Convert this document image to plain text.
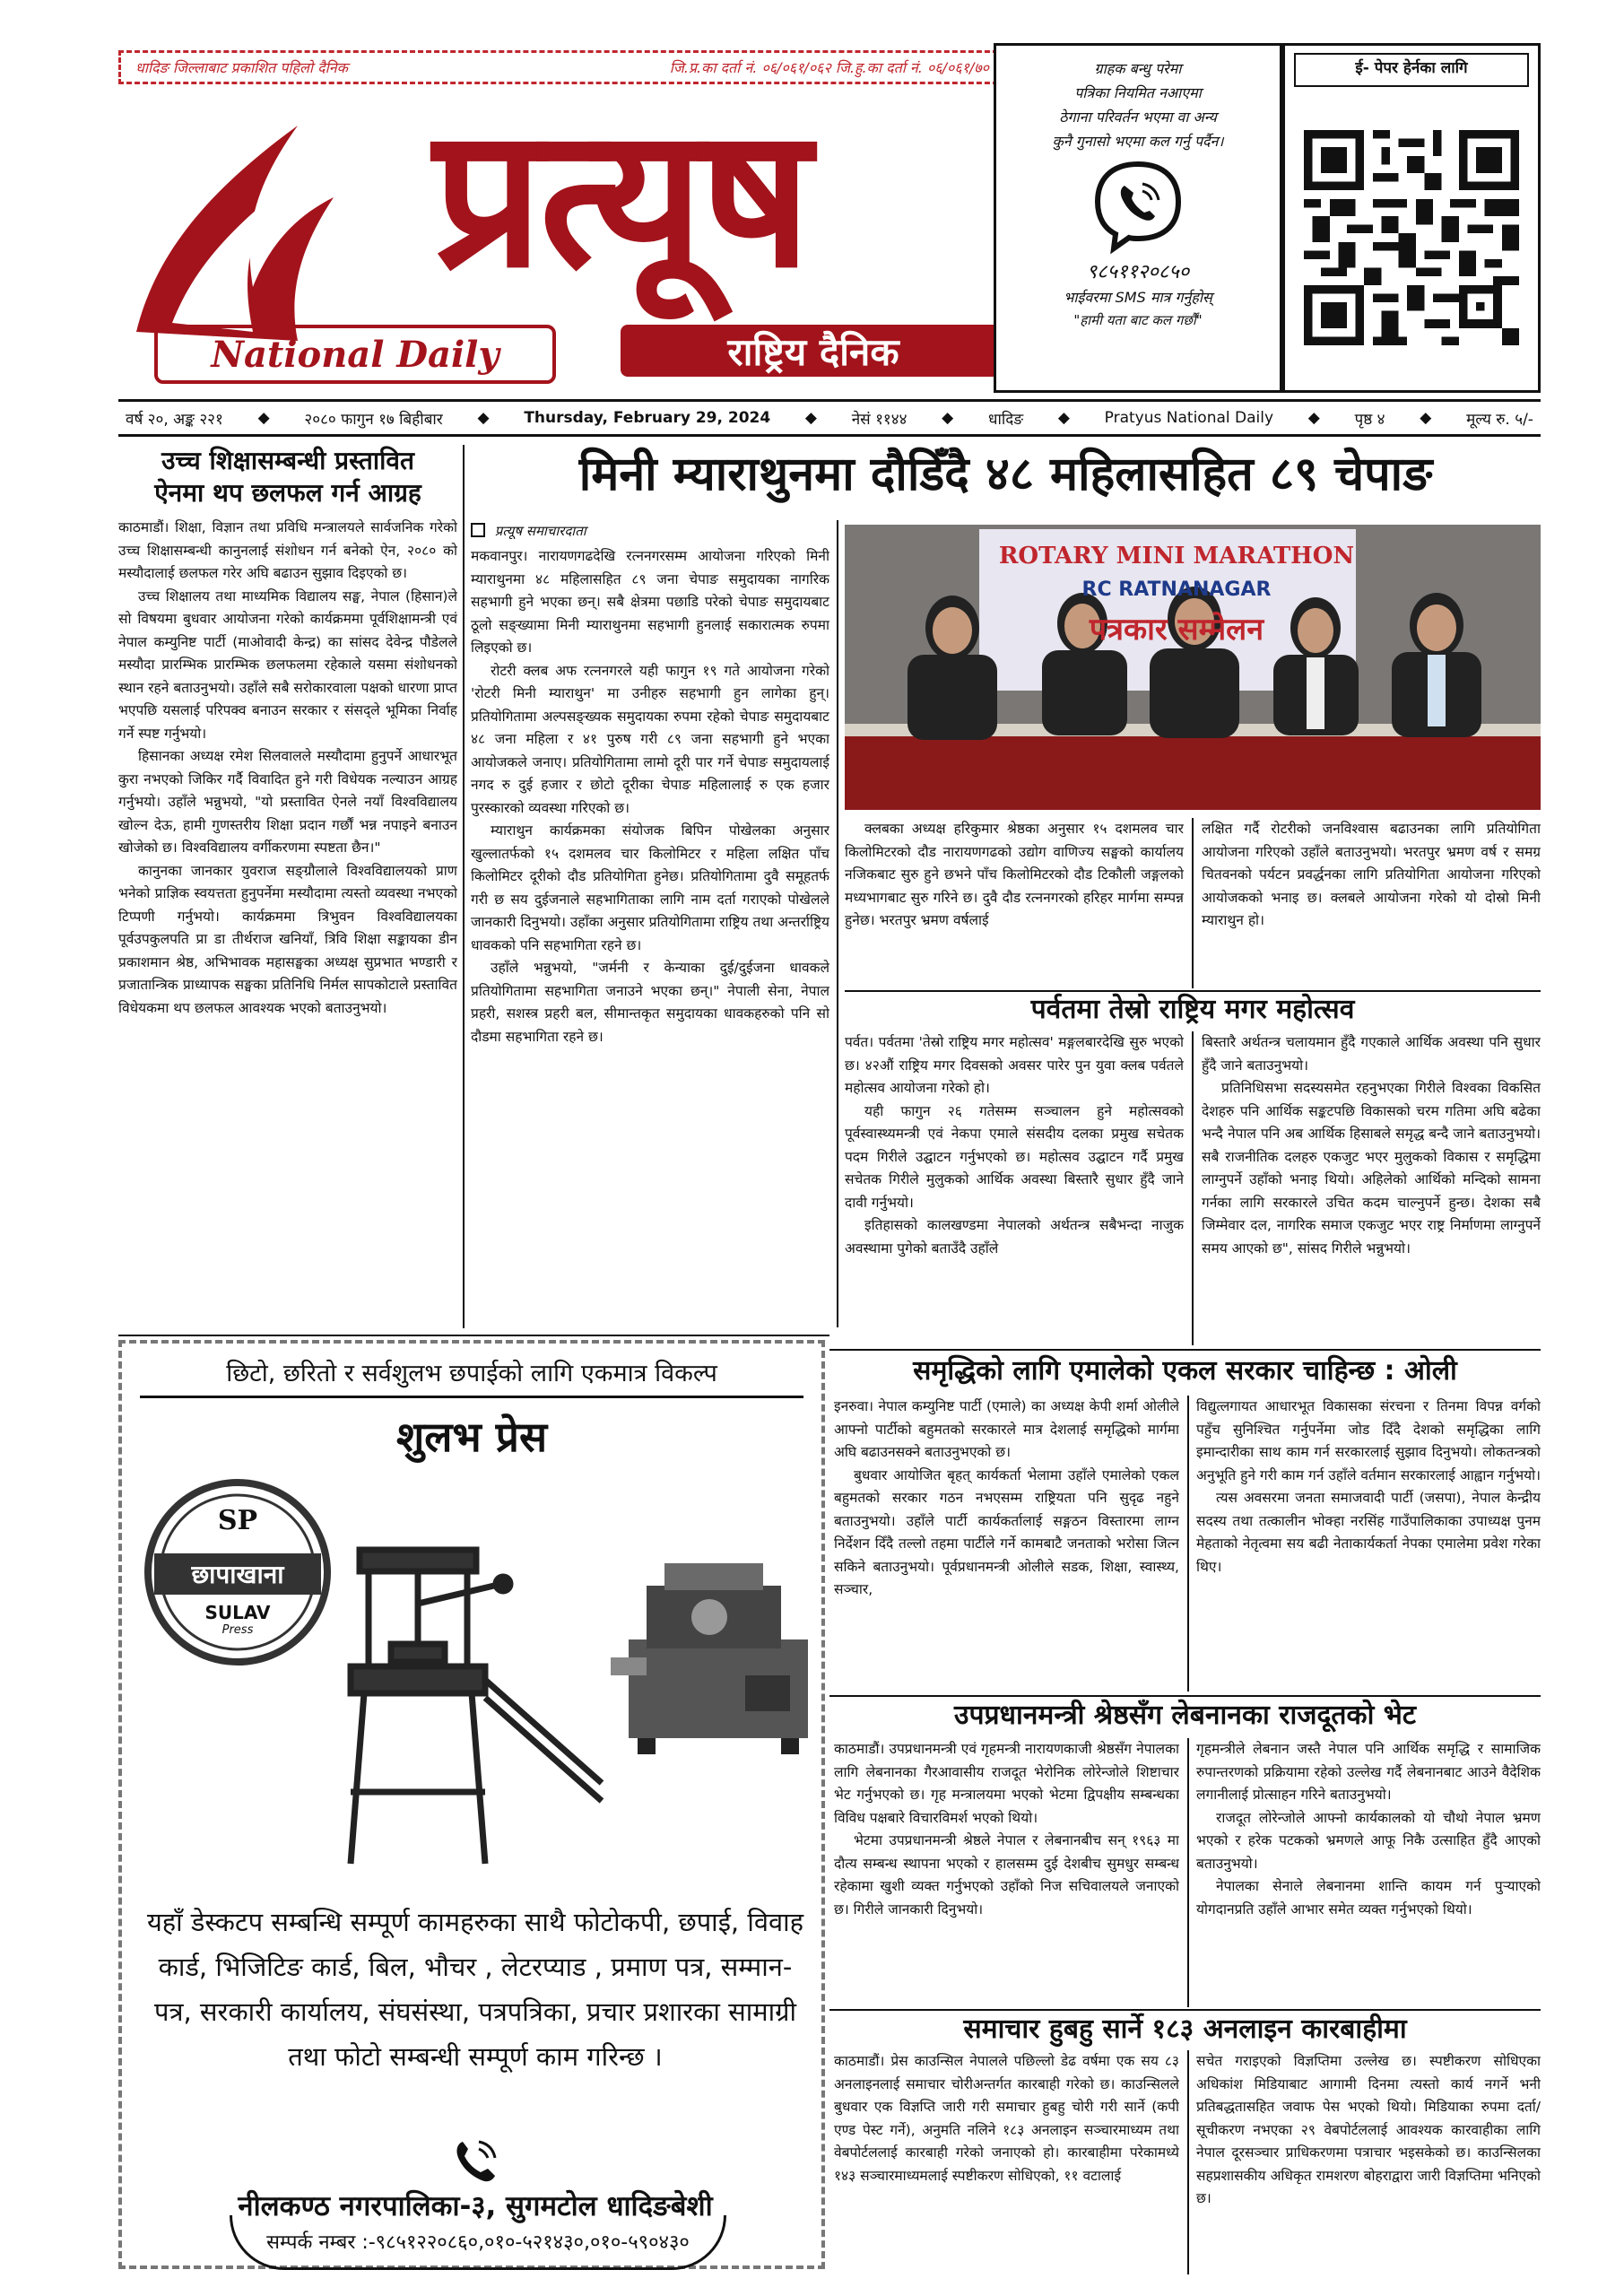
धादिङ जिल्लाबाट प्रकाशित पहिलो दैनिक	जि.प्र.का दर्ता नं. ०६/०६१/०६२ जि.हु.का दर्ता नं. ०६/०६१/७०
प्रत्यूष
National Daily	राष्ट्रिय दैनिक
ग्राहक बन्धु परेमा
पत्रिका नियमित नआएमा
ठेगाना परिवर्तन भएमा वा अन्य
कुनै गुनासो भएमा कल गर्नु पर्दैन।
९८५११२०८५०
भाईवरमा SMS मात्र गर्नुहोस्
"हामी यता बाट कल गर्छौं"
ई- पेपर हेर्नका लागि
वर्ष २०, अङ्क २२१ ◆ २०८० फागुन १७ बिहीबार ◆ Thursday, February 29, 2024 ◆ नेसं ११४४ ◆ धादिङ ◆ Pratyus National Daily ◆ पृष्ठ ४ ◆ मूल्य रु. ५/-
उच्च शिक्षासम्बन्धी प्रस्तावित
ऐनमा थप छलफल गर्न आग्रह

काठमाडौं। शिक्षा, विज्ञान तथा प्रविधि मन्त्रालयले सार्वजनिक गरेको उच्च शिक्षासम्बन्धी कानुनलाई संशोधन गर्न बनेको ऐन, २०८० को मस्यौदालाई छलफल गरेर अघि बढाउन सुझाव दिइएको छ।

उच्च शिक्षालय तथा माध्यमिक विद्यालय सङ्घ, नेपाल (हिसान)ले सो विषयमा बुधवार आयोजना गरेको कार्यक्रममा पूर्वशिक्षामन्त्री एवं नेपाल कम्युनिष्ट पार्टी (माओवादी केन्द्र) का सांसद देवेन्द्र पौडेलले मस्यौदा प्रारम्भिक प्रारम्भिक छलफलमा रहेकाले यसमा संशोधनको स्थान रहने बताउनुभयो। उहाँले सबै सरोकारवाला पक्षको धारणा प्राप्त भएपछि यसलाई परिपक्व बनाउन सरकार र संसद्ले भूमिका निर्वाह गर्ने स्पष्ट गर्नुभयो।

हिसानका अध्यक्ष रमेश सिलवालले मस्यौदामा हुनुपर्ने आधारभूत कुरा नभएको जिकिर गर्दै विवादित हुने गरी विधेयक नल्याउन आग्रह गर्नुभयो। उहाँले भन्नुभयो, "यो प्रस्तावित ऐनले नयाँ विश्वविद्यालय खोल्न देऊ, हामी गुणस्तरीय शिक्षा प्रदान गर्छौं भन्न नपाइने बनाउन खोजेको छ। विश्वविद्यालय वर्गीकरणमा स्पष्टता छैन।"

कानुनका जानकार युवराज सङ्ग्रौलाले विश्वविद्यालयको प्राण भनेको प्राज्ञिक स्वयत्तता हुनुपर्नेमा मस्यौदामा त्यस्तो व्यवस्था नभएको टिप्पणी गर्नुभयो। कार्यक्रममा त्रिभुवन विश्वविद्यालयका पूर्वउपकुलपति प्रा डा तीर्थराज खनियाँ, त्रिवि शिक्षा सङ्कायका डीन प्रकाशमान श्रेष्ठ, अभिभावक महासङ्घका अध्यक्ष सुप्रभात भण्डारी र प्रजातान्त्रिक प्राध्यापक सङ्घका प्रतिनिधि निर्मल सापकोटाले प्रस्तावित विधेयकमा थप छलफल आवश्यक भएको बताउनुभयो।

मिनी म्याराथुनमा दौडिँदै ४८ महिलासहित ८९ चेपाङ
प्रत्यूष समाचारदाता

मकवानपुर। नारायणगढदेखि रत्ननगरसम्म आयोजना गरिएको मिनी म्याराथुनमा ४८ महिलासहित ८९ जना चेपाङ समुदायका नागरिक सहभागी हुने भएका छन्। सबै क्षेत्रमा पछाडि परेको चेपाङ समुदायबाट ठूलो सङ्ख्यामा मिनी म्याराथुनमा सहभागी हुनलाई सकारात्मक रुपमा लिइएको छ।

रोटरी क्लब अफ रत्ननगरले यही फागुन १९ गते आयोजना गरेको 'रोटरी मिनी म्याराथुन' मा उनीहरु सहभागी हुन लागेका हुन्। प्रतियोगितामा अल्पसङ्ख्यक समुदायका रुपमा रहेको चेपाङ समुदायबाट ४८ जना महिला र ४१ पुरुष गरी ८९ जना सहभागी हुने भएका आयोजकले जनाए। प्रतियोगितामा लामो दूरी पार गर्ने चेपाङ समुदायलाई नगद रु दुई हजार र छोटो दूरीका चेपाङ महिलालाई रु एक हजार पुरस्कारको व्यवस्था गरिएको छ।

म्याराथुन कार्यक्रमका संयोजक बिपिन पोखेलका अनुसार खुल्लातर्फको १५ दशमलव चार किलोमिटर र महिला लक्षित पाँच किलोमिटर दूरीको दौड प्रतियोगिता हुनेछ। प्रतियोगितामा दुवै समूहतर्फ गरी छ सय दुईजनाले सहभागिताका लागि नाम दर्ता गराएको पोखेलले जानकारी दिनुभयो। उहाँका अनुसार प्रतियोगितामा राष्ट्रिय तथा अन्तर्राष्ट्रिय धावकको पनि सहभागिता रहने छ।

उहाँले भन्नुभयो, "जर्मनी र केन्याका दुई/दुईजना धावकले प्रतियोगितामा सहभागिता जनाउने भएका छन्।" नेपाली सेना, नेपाल प्रहरी, सशस्त्र प्रहरी बल, सीमान्तकृत समुदायका धावकहरुको पनि सो दौडमा सहभागिता रहने छ।

ROTARY MINI MARATHON
RC RATNANAGAR
पत्रकार सम्मेलन

क्लबका अध्यक्ष हरिकुमार श्रेष्ठका अनुसार १५ दशमलव चार किलोमिटरको दौड नारायणगढको उद्योग वाणिज्य सङ्घको कार्यालय नजिकबाट सुरु हुने छभने पाँच किलोमिटरको दौड टिकौली जङ्गलको मध्यभागबाट सुरु गरिने छ। दुवै दौड रत्ननगरको हरिहर मार्गमा सम्पन्न हुनेछ। भरतपुर भ्रमण वर्षलाई

लक्षित गर्दै रोटरीको जनविश्वास बढाउनका लागि प्रतियोगिता आयोजना गरिएको उहाँले बताउनुभयो। भरतपुर भ्रमण वर्ष र समग्र चितवनको पर्यटन प्रवर्द्धनका लागि प्रतियोगिता आयोजना गरिएको आयोजकको भनाइ छ। क्लबले आयोजना गरेको यो दोस्रो मिनी म्याराथुन हो।

पर्वतमा तेस्रो राष्ट्रिय मगर महोत्सव

पर्वत। पर्वतमा 'तेस्रो राष्ट्रिय मगर महोत्सव' मङ्गलबारदेखि सुरु भएको छ। ४२औं राष्ट्रिय मगर दिवसको अवसर पारेर पुन युवा क्लब पर्वतले महोत्सव आयोजना गरेको हो।

यही फागुन २६ गतेसम्म सञ्चालन हुने महोत्सवको पूर्वस्वास्थ्यमन्त्री एवं नेकपा एमाले संसदीय दलका प्रमुख सचेतक पदम गिरीले उद्घाटन गर्नुभएको छ। महोत्सव उद्घाटन गर्दै प्रमुख सचेतक गिरीले मुलुकको आर्थिक अवस्था बिस्तारै सुधार हुँदै जाने दावी गर्नुभयो।

इतिहासको कालखण्डमा नेपालको अर्थतन्त्र सबैभन्दा नाजुक अवस्थामा पुगेको बताउँदै उहाँले

बिस्तारै अर्थतन्त्र चलायमान हुँदै गएकाले आर्थिक अवस्था पनि सुधार हुँदै जाने बताउनुभयो।

प्रतिनिधिसभा सदस्यसमेत रहनुभएका गिरीले विश्वका विकसित देशहरु पनि आर्थिक सङ्कटपछि विकासको चरम गतिमा अघि बढेका भन्दै नेपाल पनि अब आर्थिक हिसाबले समृद्ध बन्दै जाने बताउनुभयो। सबै राजनीतिक दलहरु एकजुट भएर मुलुकको विकास र समृद्धिमा लाग्नुपर्ने उहाँको भनाइ थियो। अहिलेको आर्थिको मन्दिको सामना गर्नका लागि सरकारले उचित कदम चाल्नुपर्ने हुन्छ। देशका सबै जिम्मेवार दल, नागरिक समाज एकजुट भएर राष्ट्र निर्माणमा लाग्नुपर्ने समय आएको छ", सांसद गिरीले भन्नुभयो।

छिटो, छरितो र सर्वशुलभ छपाईको लागि एकमात्र विकल्प
शुलभ प्रेस
SP
छापाखाना
SULAV
Press
यहाँ डेस्कटप सम्बन्धि सम्पूर्ण कामहरुका साथै फोटोकपी, छपाई, विवाह कार्ड, भिजिटिङ कार्ड, बिल, भौचर , लेटरप्याड , प्रमाण पत्र, सम्मान-पत्र, सरकारी कार्यालय, संघसंस्था, पत्रपत्रिका, प्रचार प्रशारका सामाग्री तथा फोटो सम्बन्धी सम्पूर्ण काम गरिन्छ ।
नीलकण्ठ नगरपालिका-३, सुगमटोल धादिङबेशी
सम्पर्क नम्बर :-९८५१२२०८६०,०१०-५२१४३०,०१०-५९०४३०
समृद्धिको लागि एमालेको एकल सरकार चाहिन्छ : ओली

इनरुवा। नेपाल कम्युनिष्ट पार्टी (एमाले) का अध्यक्ष केपी शर्मा ओलीले आफ्नो पार्टीको बहुमतको सरकारले मात्र देशलाई समृद्धिको मार्गमा अघि बढाउनसक्ने बताउनुभएको छ।

बुधवार आयोजित बृहत् कार्यकर्ता भेलामा उहाँले एमालेको एकल बहुमतको सरकार गठन नभएसम्म राष्ट्रियता पनि सुदृढ नहुने बताउनुभयो। उहाँले पार्टी कार्यकर्तालाई सङ्गठन विस्तारमा लाग्न निर्देशन दिँदै तल्लो तहमा पार्टीले गर्ने कामबाटै जनताको भरोसा जित्न सकिने बताउनुभयो। पूर्वप्रधानमन्त्री ओलीले सडक, शिक्षा, स्वास्थ्य, सञ्चार,

विद्युत्लगायत आधारभूत विकासका संरचना र तिनमा विपन्न वर्गको पहुँच सुनिश्चित गर्नुपर्नेमा जोड दिँदै देशको समृद्धिका लागि इमान्दारीका साथ काम गर्न सरकारलाई सुझाव दिनुभयो। लोकतन्त्रको अनुभूति हुने गरी काम गर्न उहाँले वर्तमान सरकारलाई आह्वान गर्नुभयो।

त्यस अवसरमा जनता समाजवादी पार्टी (जसपा), नेपाल केन्द्रीय सदस्य तथा तत्कालीन भोक्हा नरसिंह गाउँपालिकाका उपाध्यक्ष पुनम मेहताको नेतृत्वमा सय बढी नेताकार्यकर्ता नेपका एमालेमा प्रवेश गरेका थिए।

उपप्रधानमन्त्री श्रेष्ठसँग लेबनानका राजदूतको भेट

काठमाडौं। उपप्रधानमन्त्री एवं गृहमन्त्री नारायणकाजी श्रेष्ठसँग नेपालका लागि लेबनानका गैरआवासीय राजदूत भेरोनिक लोरेन्जोले शिष्टाचार भेट गर्नुभएको छ। गृह मन्त्रालयमा भएको भेटमा द्विपक्षीय सम्बन्धका विविध पक्षबारे विचारविमर्श भएको थियो।

भेटमा उपप्रधानमन्त्री श्रेष्ठले नेपाल र लेबनानबीच सन् १९६३ मा दौत्य सम्बन्ध स्थापना भएको र हालसम्म दुई देशबीच सुमधुर सम्बन्ध रहेकामा खुशी व्यक्त गर्नुभएको उहाँको निज सचिवालयले जनाएको छ। गिरीले जानकारी दिनुभयो।

गृहमन्त्रीले लेबनान जस्तै नेपाल पनि आर्थिक समृद्धि र सामाजिक रुपान्तरणको प्रक्रियामा रहेको उल्लेख गर्दै लेबनानबाट आउने वैदेशिक लगानीलाई प्रोत्साहन गरिने बताउनुभयो।

राजदूत लोरेन्जोले आफ्नो कार्यकालको यो चौथो नेपाल भ्रमण भएको र हरेक पटकको भ्रमणले आफू निकै उत्साहित हुँदै आएको बताउनुभयो।

नेपालका सेनाले लेबनानमा शान्ति कायम गर्न पुर्‍याएको योगदानप्रति उहाँले आभार समेत व्यक्त गर्नुभएको थियो।

समाचार हुबहु सार्ने १८३ अनलाइन कारबाहीमा

काठमाडौं। प्रेस काउन्सिल नेपालले पछिल्लो डेढ वर्षमा एक सय ८३ अनलाइनलाई समाचार चोरीअन्तर्गत कारबाही गरेको छ। काउन्सिलले बुधवार एक विज्ञप्ति जारी गरी समाचार हुबहु चोरी गरी सार्ने (कपी एण्ड पेस्ट गर्ने), अनुमति नलिने १८३ अनलाइन सञ्चारमाध्यम तथा वेबपोर्टललाई कारबाही गरेको जनाएको हो। कारबाहीमा परेकामध्ये १४३ सञ्चारमाध्यमलाई स्पष्टीकरण सोधिएको, ११ वटालाई

सचेत गराइएको विज्ञप्तिमा उल्लेख छ। स्पष्टीकरण सोधिएका अधिकांश मिडियाबाट आगामी दिनमा त्यस्तो कार्य नगर्ने भनी प्रतिबद्धतासहित जवाफ पेस भएको थियो। मिडियाका रुपमा दर्ता/सूचीकरण नभएका २९ वेबपोर्टललाई आवश्यक कारवाहीका लागि नेपाल दूरसञ्चार प्राधिकरणमा पत्राचार भइसकेको छ। काउन्सिलका सहप्रशासकीय अधिकृत रामशरण बोहराद्वारा जारी विज्ञप्तिमा भनिएको छ।
